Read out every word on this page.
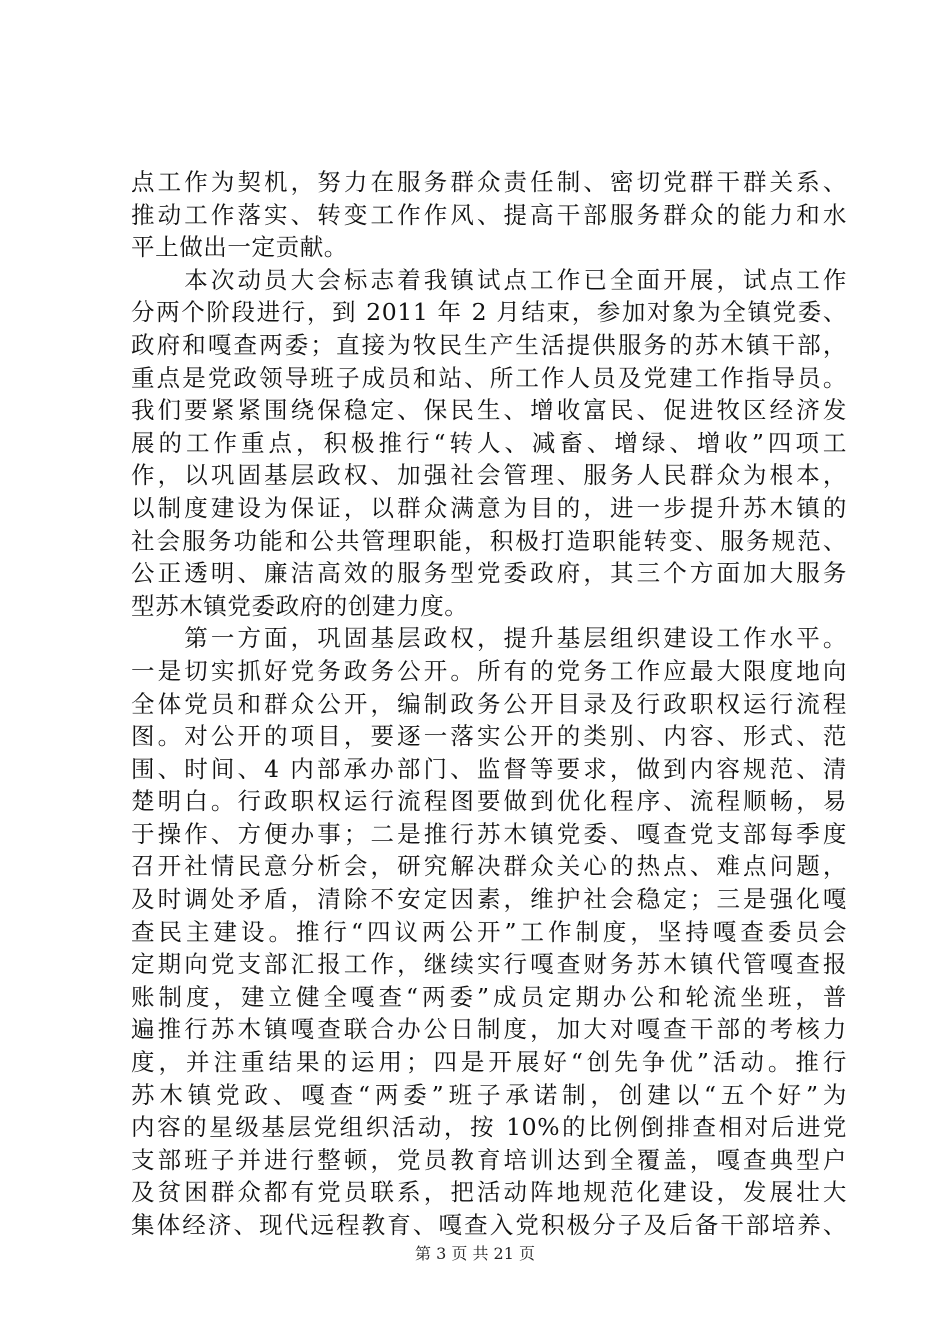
点工作为契机，努力在服务群众责任制、密切党群干群关系、
推动工作落实、转变工作作风、提高干部服务群众的能力和水
平上做出一定贡献。
　　本次动员大会标志着我镇试点工作已全面开展，试点工作
分两个阶段进行，到 2011 年 2 月结束，参加对象为全镇党委、
政府和嘎查两委；直接为牧民生产生活提供服务的苏木镇干部，
重点是党政领导班子成员和站、所工作人员及党建工作指导员。
我们要紧紧围绕保稳定、保民生、增收富民、促进牧区经济发
展的工作重点，积极推行“转人、减畜、增绿、增收”四项工
作，以巩固基层政权、加强社会管理、服务人民群众为根本，
以制度建设为保证，以群众满意为目的，进一步提升苏木镇的
社会服务功能和公共管理职能，积极打造职能转变、服务规范、
公正透明、廉洁高效的服务型党委政府，其三个方面加大服务
型苏木镇党委政府的创建力度。
　　第一方面，巩固基层政权，提升基层组织建设工作水平。
一是切实抓好党务政务公开。所有的党务工作应最大限度地向
全体党员和群众公开，编制政务公开目录及行政职权运行流程
图。对公开的项目，要逐一落实公开的类别、内容、形式、范
围、时间、4 内部承办部门、监督等要求，做到内容规范、清
楚明白。行政职权运行流程图要做到优化程序、流程顺畅，易
于操作、方便办事；二是推行苏木镇党委、嘎查党支部每季度
召开社情民意分析会，研究解决群众关心的热点、难点问题，
及时调处矛盾，清除不安定因素，维护社会稳定；三是强化嘎
查民主建设。推行“四议两公开”工作制度，坚持嘎查委员会
定期向党支部汇报工作，继续实行嘎查财务苏木镇代管嘎查报
账制度，建立健全嘎查“两委”成员定期办公和轮流坐班，普
遍推行苏木镇嘎查联合办公日制度，加大对嘎查干部的考核力
度，并注重结果的运用；四是开展好“创先争优”活动。推行
苏木镇党政、嘎查“两委”班子承诺制，创建以“五个好”为
内容的星级基层党组织活动，按 10%的比例倒排查相对后进党
支部班子并进行整顿，党员教育培训达到全覆盖，嘎查典型户
及贫困群众都有党员联系，把活动阵地规范化建设，发展壮大
集体经济、现代远程教育、嘎查入党积极分子及后备干部培养、
第 3 页 共 21 页
